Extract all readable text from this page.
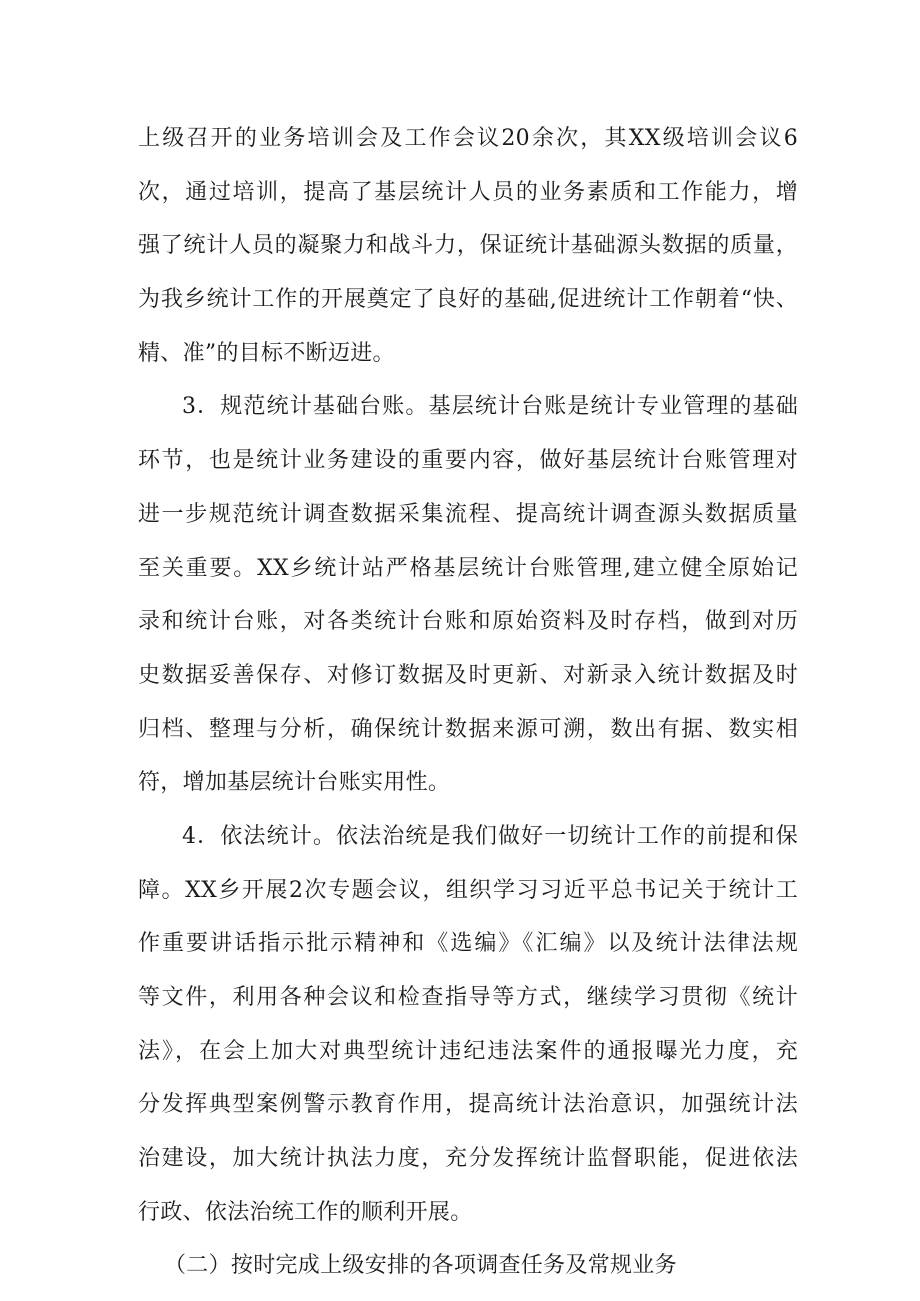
上级召开的业务培训会及工作会议20余次，其XX级培训会议6
次，通过培训，提高了基层统计人员的业务素质和工作能力，增
强了统计人员的凝聚力和战斗力，保证统计基础源头数据的质量，
为我乡统计工作的开展奠定了良好的基础,促进统计工作朝着“快、
精、准”的目标不断迈进。
3．规范统计基础台账。基层统计台账是统计专业管理的基础
环节，也是统计业务建设的重要内容，做好基层统计台账管理对
进一步规范统计调查数据采集流程、提高统计调查源头数据质量
至关重要。XX乡统计站严格基层统计台账管理,建立健全原始记
录和统计台账，对各类统计台账和原始资料及时存档，做到对历
史数据妥善保存、对修订数据及时更新、对新录入统计数据及时
归档、整理与分析，确保统计数据来源可溯，数出有据、数实相
符，增加基层统计台账实用性。
4．依法统计。依法治统是我们做好一切统计工作的前提和保
障。XX乡开展2次专题会议，组织学习习近平总书记关于统计工
作重要讲话指示批示精神和《选编》《汇编》以及统计法律法规
等文件，利用各种会议和检查指导等方式，继续学习贯彻《统计
法》，在会上加大对典型统计违纪违法案件的通报曝光力度，充
分发挥典型案例警示教育作用，提高统计法治意识，加强统计法
治建设，加大统计执法力度，充分发挥统计监督职能，促进依法
行政、依法治统工作的顺利开展。
（二）按时完成上级安排的各项调查任务及常规业务
